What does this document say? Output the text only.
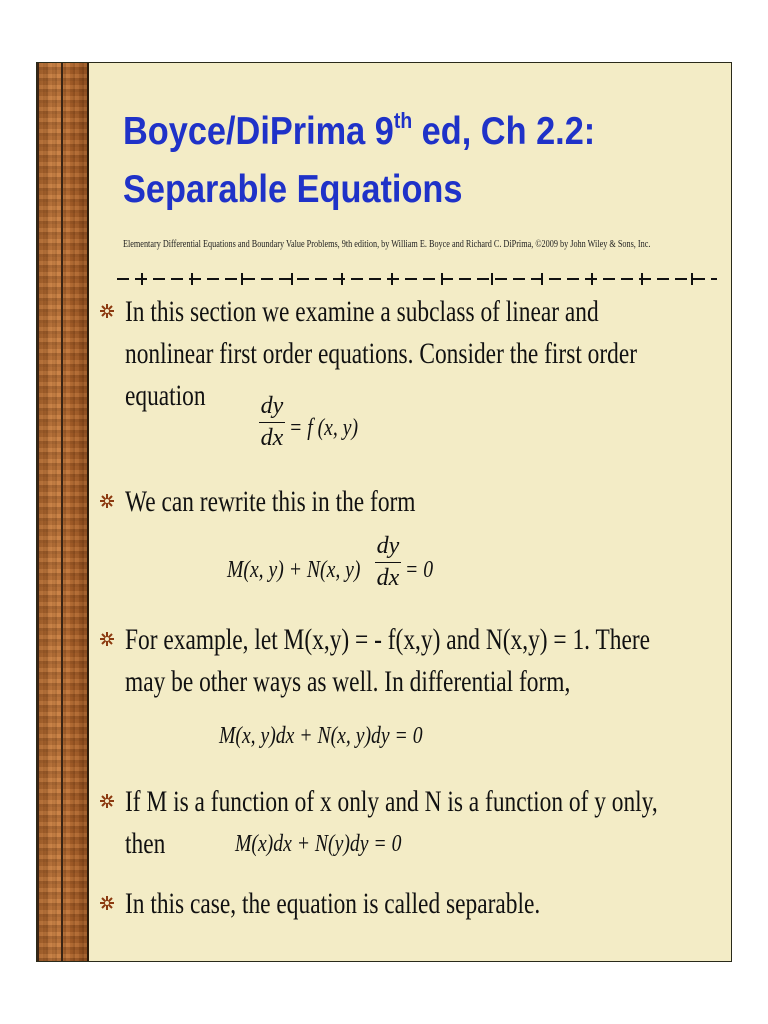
Boyce/DiPrima 9th ed, Ch 2.2:
Separable Equations
Elementary Differential Equations and Boundary Value Problems, 9th edition, by William E. Boyce and Richard C. DiPrima, ©2009 by John Wiley & Sons, Inc.
In this section we examine a subclass of linear and nonlinear first order equations. Consider the first order equation	dy
dx = f (x, y)
We can rewrite this in the form
M(x, y) + N(x, y)
dy
dx = 0
For example, let M(x,y) = - f(x,y) and N(x,y) = 1. There may be other ways as well. In differential form,
M(x, y)dx + N(x, y)dy = 0
If M is a function of x only and N is a function of y only, then	M(x)dx + N(y)dy = 0
In this case, the equation is called separable.
